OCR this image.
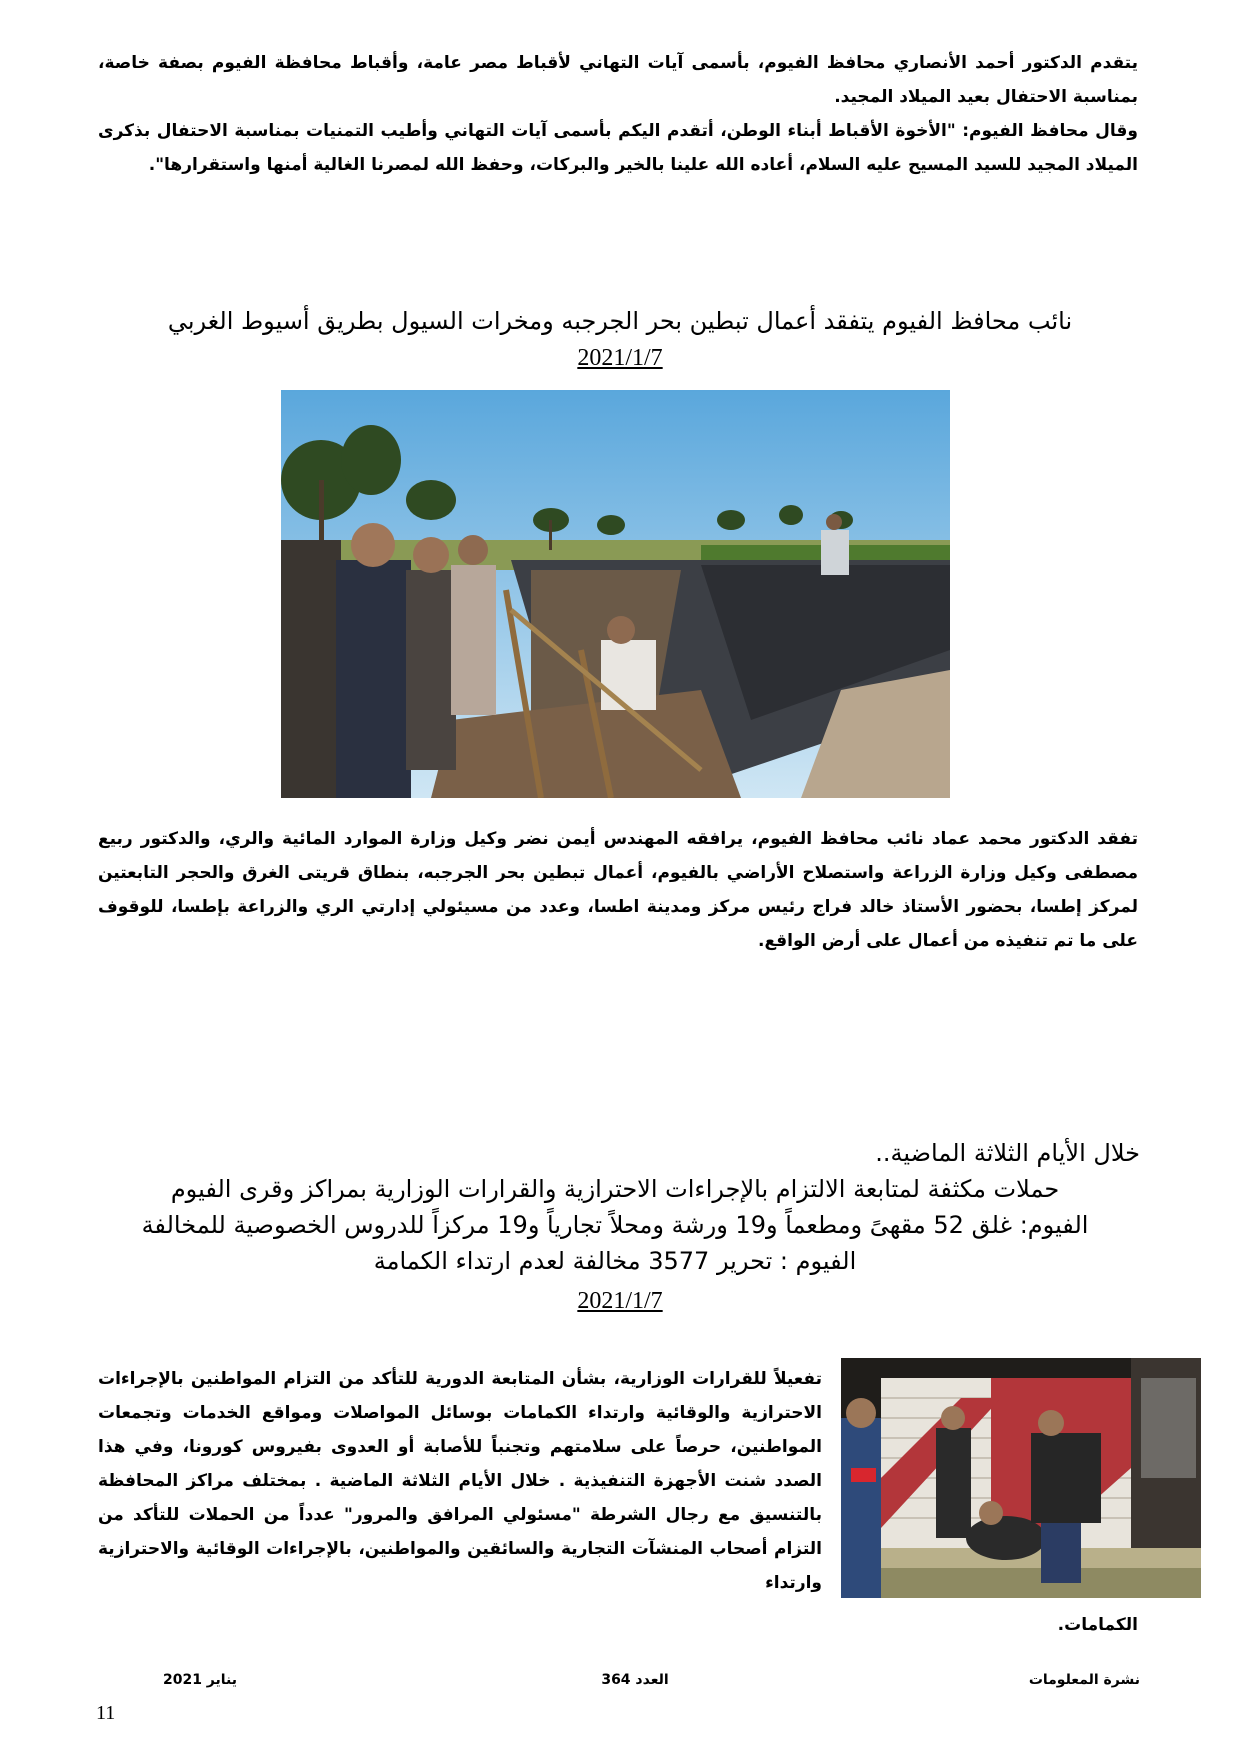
يتقدم الدكتور أحمد الأنصاري محافظ الفيوم، بأسمى آيات التهاني لأقباط مصر عامة، وأقباط محافظة الفيوم بصفة خاصة، بمناسبة الاحتفال بعيد الميلاد المجيد.

وقال محافظ الفيوم: "الأخوة الأقباط أبناء الوطن، أتقدم اليكم بأسمى آيات التهاني وأطيب التمنيات بمناسبة الاحتفال بذكرى الميلاد المجيد للسيد المسيح عليه السلام، أعاده الله علينا بالخير والبركات، وحفظ الله لمصرنا الغالية أمنها واستقرارها".

نائب محافظ الفيوم يتفقد أعمال تبطين بحر الجرجبه ومخرات السيول بطريق أسيوط الغربي
2021/1/7
تفقد الدكتور محمد عماد نائب محافظ الفيوم، يرافقه المهندس أيمن نضر وكيل وزارة الموارد المائية والري، والدكتور ربيع مصطفى وكيل وزارة الزراعة واستصلاح الأراضي بالفيوم، أعمال تبطين بحر الجرجبه، بنطاق قريتى الغرق والحجر التابعتين لمركز إطسا، بحضور الأستاذ خالد فراج رئيس مركز ومدينة اطسا، وعدد من مسيئولي إدارتي الري والزراعة بإطسا، للوقوف على ما تم تنفيذه من أعمال على أرض الواقع.
خلال الأيام الثلاثة الماضية..
حملات مكثفة لمتابعة الالتزام بالإجراءات الاحترازية والقرارات الوزارية بمراكز وقرى الفيوم
الفيوم: غلق 52 مقهىً ومطعماً و19 ورشة ومحلاً تجارياً و19 مركزاً للدروس الخصوصية للمخالفة
الفيوم : تحرير 3577 مخالفة لعدم ارتداء الكمامة
2021/1/7
تفعيلاً للقرارات الوزارية، بشأن المتابعة الدورية للتأكد من التزام المواطنين بالإجراءات الاحترازية والوقائية وارتداء الكمامات بوسائل المواصلات ومواقع الخدمات وتجمعات المواطنين، حرصاً على سلامتهم وتجنباً للأصابة أو العدوى بفيروس كورونا، وفي هذا الصدد شنت الأجهزة التنفيذية . خلال الأيام الثلاثة الماضية . بمختلف مراكز المحافظة بالتنسيق مع رجال الشرطة "مسئولي المرافق والمرور" عدداً من الحملات للتأكد من التزام أصحاب المنشآت التجارية والسائقين والمواطنين، بالإجراءات الوقائية والاحترازية وارتداء
الكمامات.
نشرة المعلومات
العدد 364
يناير 2021
11
